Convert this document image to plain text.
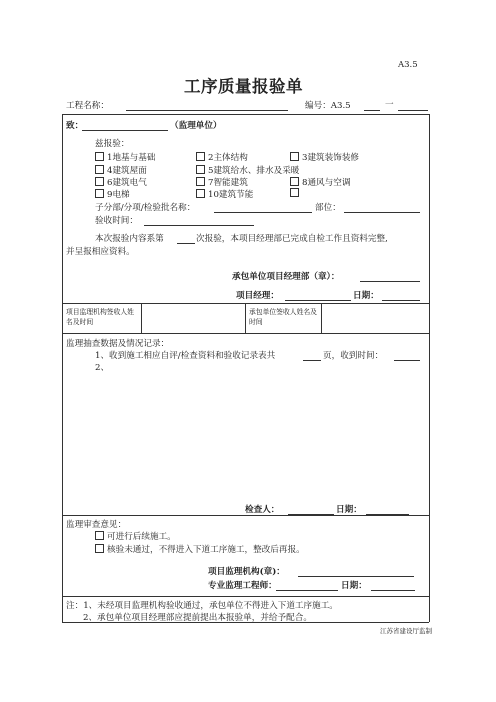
A3.5
工序质量报验单
工程名称：	编号：A3.5	一
致：	（监理单位）
兹报验：
1地基与基础	2主体结构	3建筑装饰装修
4建筑屋面	5建筑给水、排水及采暖
6建筑电气	7智能建筑	8通风与空调
9电梯	10建筑节能
子分部/分项/检验批名称：	部位：
验收时间：
本次报验内容系第	次报验，本项目经理部已完成自检工作且资料完整,
并呈报相应资料。
承包单位项目经理部（章）：
项目经理：	日期：
项目监理机构签收人姓名及时间
承包单位签收人姓名及时间
监理抽查数据及情况记录：
1、收到施工相应自评/检查资料和验收记录表共	页，收到时间：
2、
检查人：	日期：
监理审查意见：
可进行后续施工。
核验未通过，不得进入下道工序施工，整改后再报。
项目监理机构(章)：
专业监理工程师：	日期：
注：1、未经项目监理机构验收通过，承包单位不得进入下道工序施工。
2、承包单位项目经理部应提前提出本报验单，并给予配合。
江苏省建设厅监制
